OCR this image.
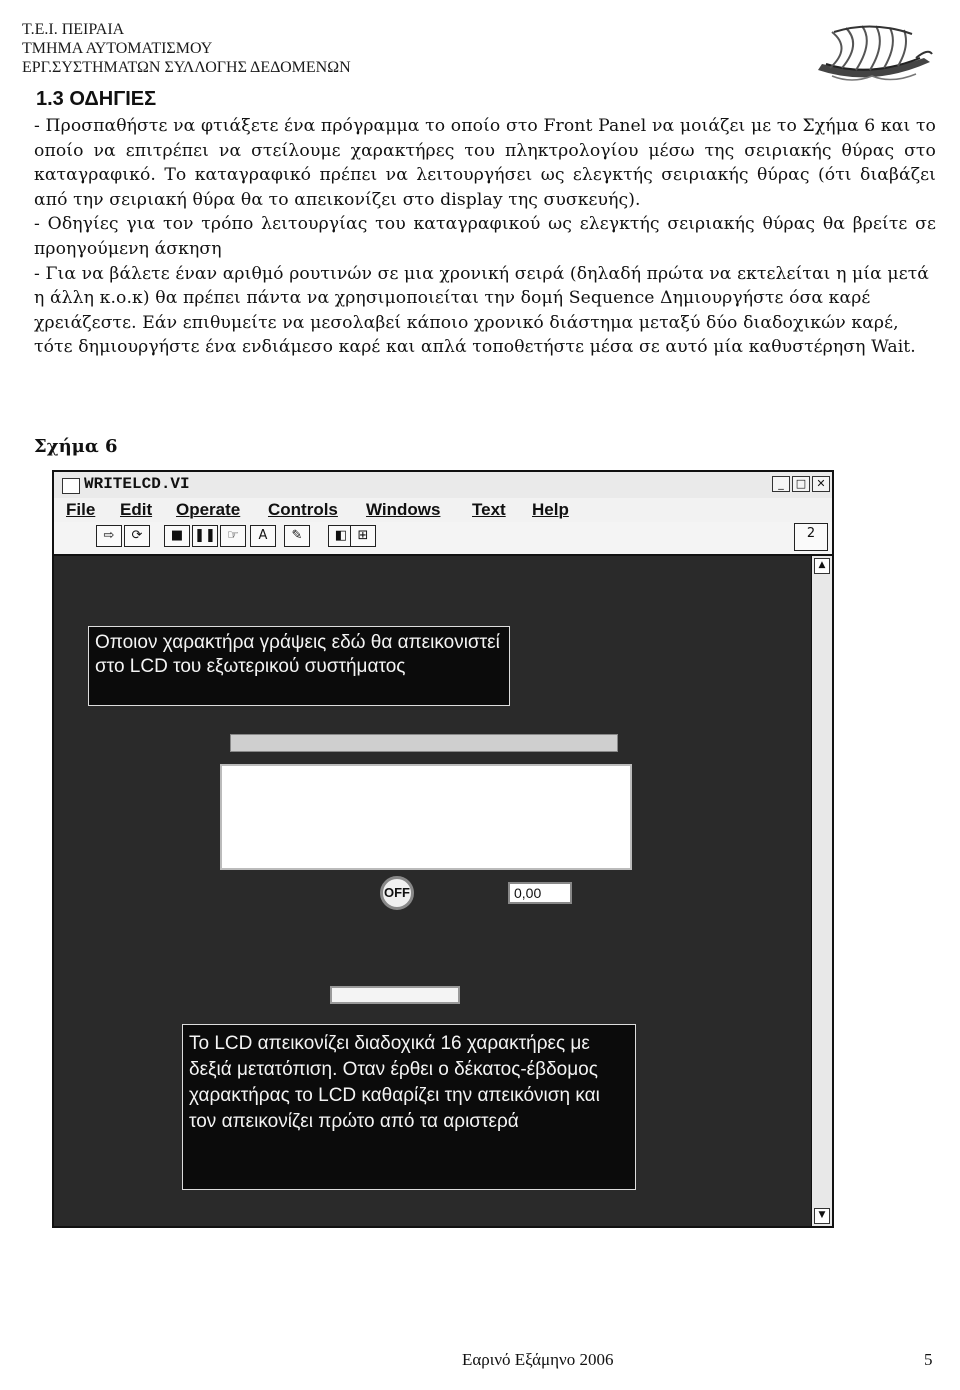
Τ.Ε.Ι. ΠΕΙΡΑΙΑ
ΤΜΗΜΑ ΑΥΤΟΜΑΤΙΣΜΟΥ
ΕΡΓ.ΣΥΣΤΗΜΑΤΩΝ ΣΥΛΛΟΓΗΣ ΔΕΔΟΜΕΝΩΝ
1.3 ΟΔΗΓΙΕΣ

- Προσπαθήστε να φτιάξετε ένα πρόγραμμα το οποίο στο Front Panel να μοιάζει με το Σχήμα 6 και το οποίο να επιτρέπει να στείλουμε χαρακτήρες του πληκτρολογίου μέσω της σειριακής θύρας στο καταγραφικό. Το καταγραφικό πρέπει να λειτουργήσει ως ελεγκτής σειριακής θύρας (ότι διαβάζει από την σειριακή θύρα θα το απεικονίζει στο display της συσκευής).

- Οδηγίες για τον τρόπο λειτουργίας του καταγραφικού ως ελεγκτής σειριακής θύρας θα βρείτε σε προηγούμενη άσκηση

- Για να βάλετε έναν αριθμό ρουτινών σε μια χρονική σειρά (δηλαδή πρώτα να εκτελείται η μία μετά η άλλη κ.ο.κ) θα πρέπει πάντα να χρησιμοποιείται την δομή Sequence Δημιουργήστε όσα καρέ χρειάζεστε. Εάν επιθυμείτε να μεσολαβεί κάποιο χρονικό διάστημα μεταξύ δύο διαδοχικών καρέ, τότε δημιουργήστε ένα ενδιάμεσο καρέ και απλά τοποθετήστε μέσα σε αυτό μία καθυστέρηση Wait.

Σχήμα 6
WRITELCD.VI	_	□ ✕
File Edit Operate Controls Windows Text Help
⇨	⟳	■ ❚❚ ☞	A	✎	◧ ⊞	2
Οποιον χαρακτήρα γράψεις εδώ θα απεικονιστεί στο LCD του εξωτερικού συστήματος
OFF	0,00
Το LCD απεικονίζει διαδοχικά 16 χαρακτήρες με δεξιά μετατόπιση. Οταν έρθει ο δέκατος-έβδομος χαρακτήρας το LCD καθαρίζει την απεικόνιση και τον απεικονίζει πρώτο από τα αριστερά
▲
▼
Εαρινό Εξάμηνο 2006	5
